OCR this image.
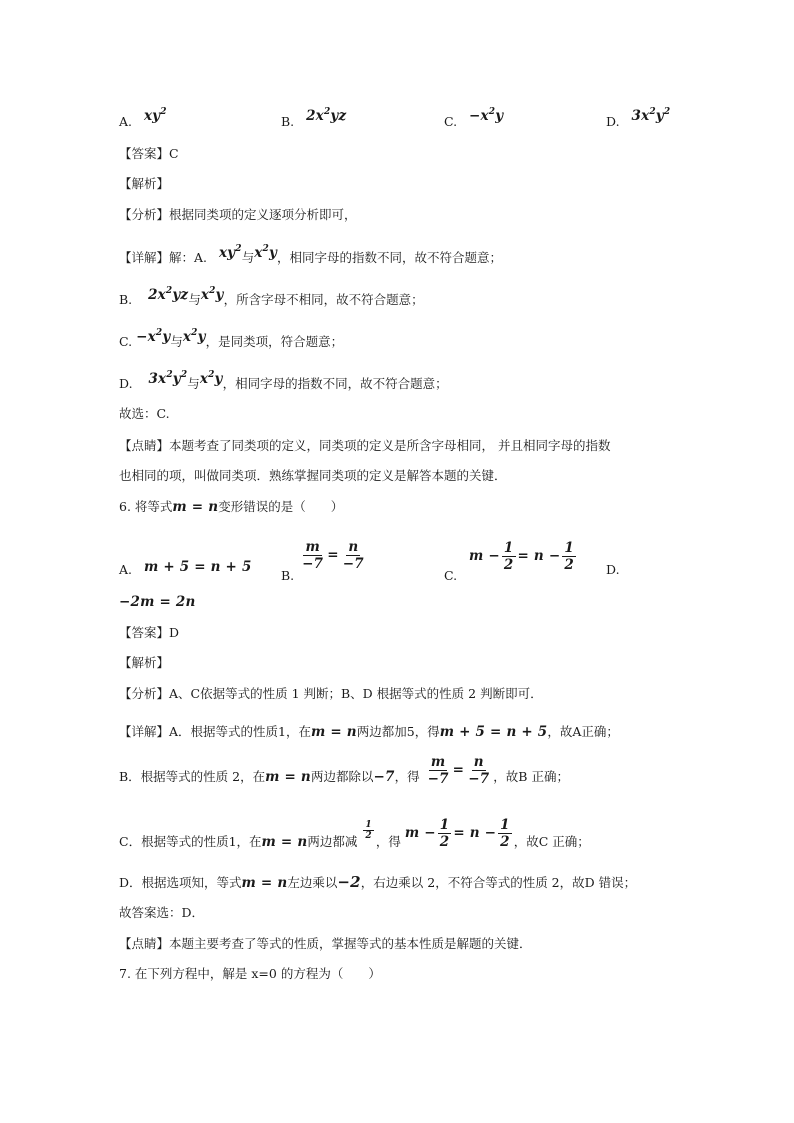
A. $xy^2$
B. $2x^2yz$	C. $-x^2y$	D. $3x^2y^2$
【答案】C
【解析】
【分析】根据同类项的定义逐项分析即可，
【详解】解：A. $xy^2$与$x^2y$，相同字母的指数不同，故不符合题意；
B. $2x^2yz$与$x^2y$，所含字母不相同，故不符合题意；
C. $-x^2y$与$x^2y$，是同类项，符合题意；
D. $3x^2y^2$与$x^2y$，相同字母的指数不同，故不符合题意；
故选：C.
【点睛】本题考查了同类项的定义，同类项的定义是所含字母相同， 并且相同字母的指数
也相同的项，叫做同类项．熟练掌握同类项的定义是解答本题的关键．
6. 将等式m = n变形错误的是（　　）
A. m + 5 = n + 5
B.
$\frac{m}{-7} = \frac{n}{-7}$
C.   $m - \frac{1}{2} = n - \frac{1}{2} D$.
−2m = 2n
【答案】D
【解析】
【分析】A、C依据等式的性质 1 判断；B、D 根据等式的性质 2 判断即可．
【详解】A．根据等式的性质1，在m = n两边都加5，得m + 5 = n + 5，故A正确；
B．根据等式的性质 2，在m = n两边都除以−7，得 $\frac{m}{-7} = \frac{n}{-7}$ ，故B 正确；
C．根据等式的性质1，在m = n两边都减
$\frac{1}{2}$
，得 $m - \frac{1}{2} = n - \frac{1}{2}$ ，故C 正确；
D．根据选项知，等式m = n左边乘以−2，右边乘以 2，不符合等式的性质 2，故D 错误；
故答案选：D．
【点睛】本题主要考查了等式的性质，掌握等式的基本性质是解题的关键．
7. 在下列方程中，解是 x=0 的方程为（　　）
